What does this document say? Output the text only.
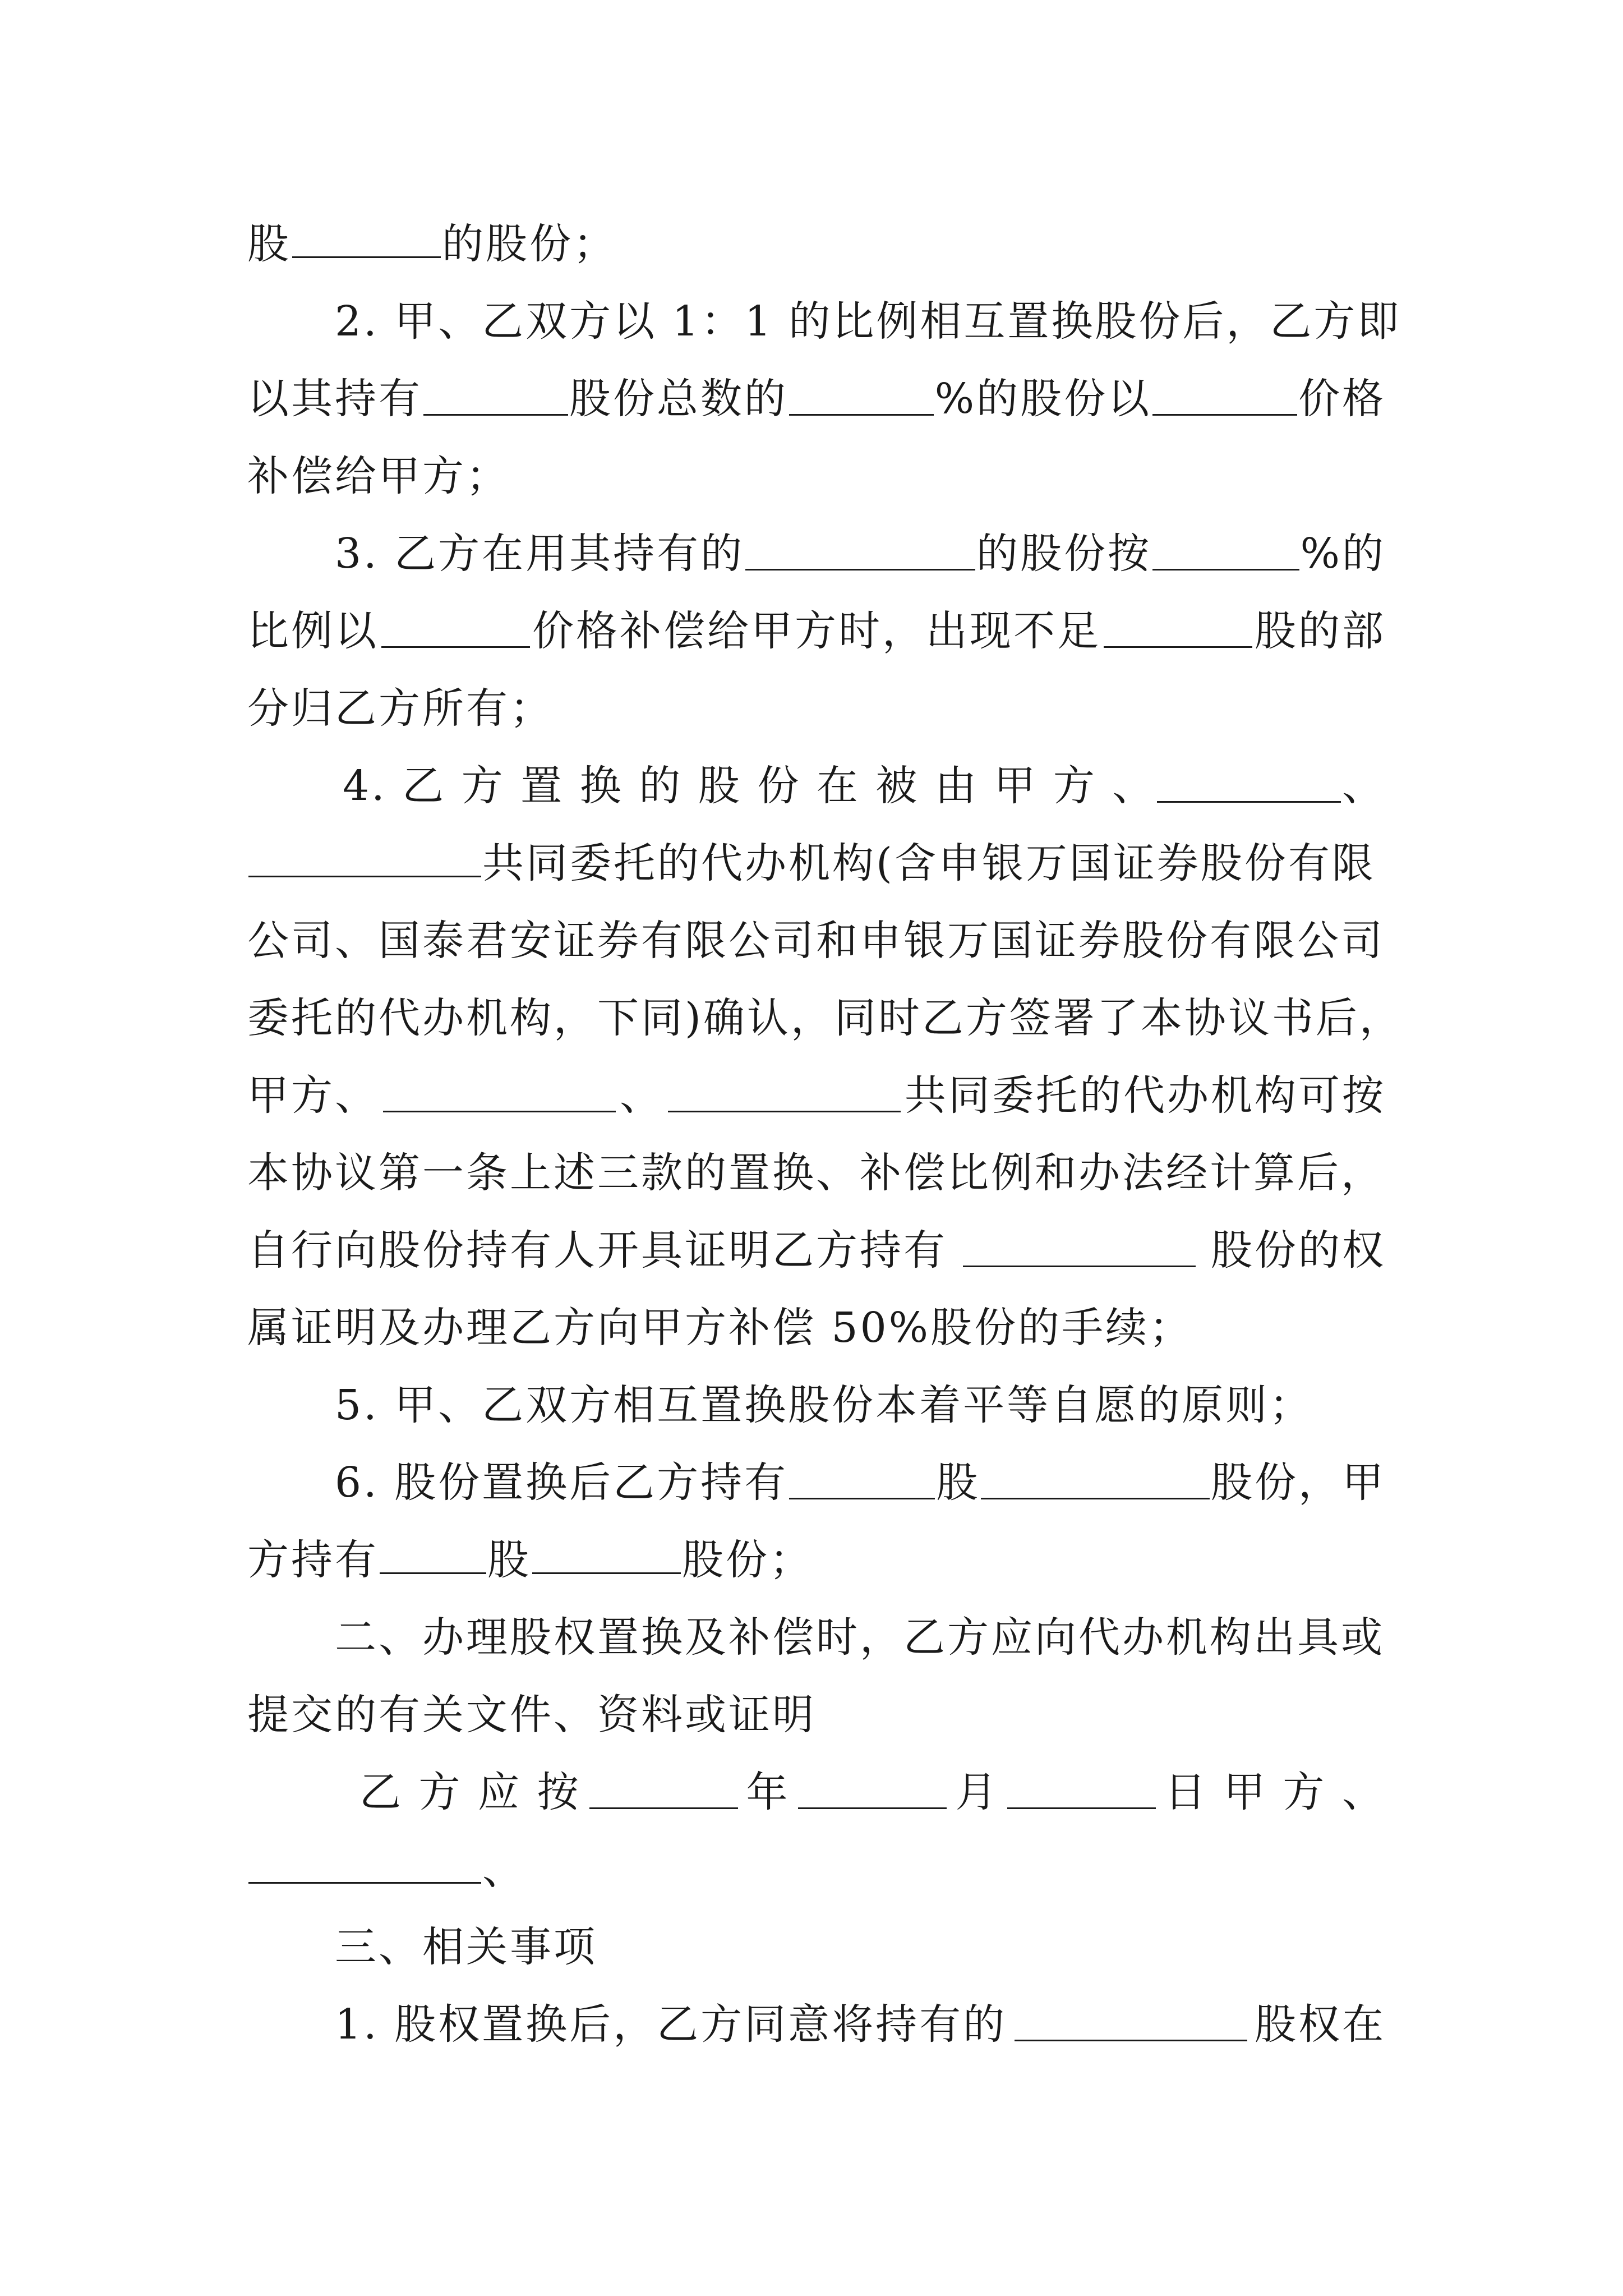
股	的股份；
2. 甲、乙双方以 1：1 的比例相互置换股份后，乙方即
以其持有	股份总数的	%的股份以	价格
补偿给甲方；
3. 乙方在用其持有的	的股份按	%的
比例以	价格补偿给甲方时，出现不足	股的部
分归乙方所有；
4. 乙 方 置 换 的 股 份 在 被 由 甲 方 、	、
共同委托的代办机构(含申银万国证券股份有限
公司、国泰君安证券有限公司和申银万国证券股份有限公司
委托的代办机构，下同)确认，同时乙方签署了本协议书后，
甲方、	、	共同委托的代办机构可按
本协议第一条上述三款的置换、补偿比例和办法经计算后，
自行向股份持有人开具证明乙方持有	股份的权
属证明及办理乙方向甲方补偿 50%股份的手续；
5. 甲、乙双方相互置换股份本着平等自愿的原则；
6. 股份置换后乙方持有	股	股份，甲
方持有	股	股份；
二、办理股权置换及补偿时，乙方应向代办机构出具或
提交的有关文件、资料或证明
乙 方 应 按	年	月	日 甲 方 、
、
三、相关事项
1. 股权置换后，乙方同意将持有的	股权在
